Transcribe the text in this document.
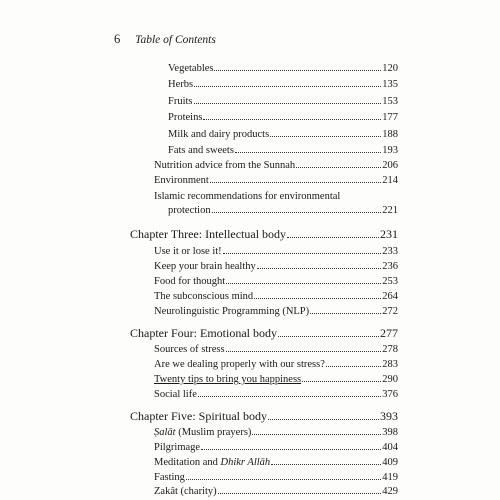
6 Table of Contents
Vegetables	120
Herbs	135
Fruits	153
Proteins	177
Milk and dairy products	188
Fats and sweets	193
Nutrition advice from the Sunnah	206
Environment	214
Islamic recommendations for environmental
protection	221
Chapter Three: Intellectual body	231
Use it or lose it!	233
Keep your brain healthy	236
Food for thought	253
The subconscious mind	264
Neurolinguistic Programming (NLP)	272
Chapter Four: Emotional body	277
Sources of stress	278
Are we dealing properly with our stress?	283
Twenty tips to bring you happiness	290
Social life	376
Chapter Five: Spiritual body	393
Ṣalāt (Muslim prayers)	398
Pilgrimage	404
Meditation and Dhikr Allāh	409
Fasting	419
Zakât (charity)	429
